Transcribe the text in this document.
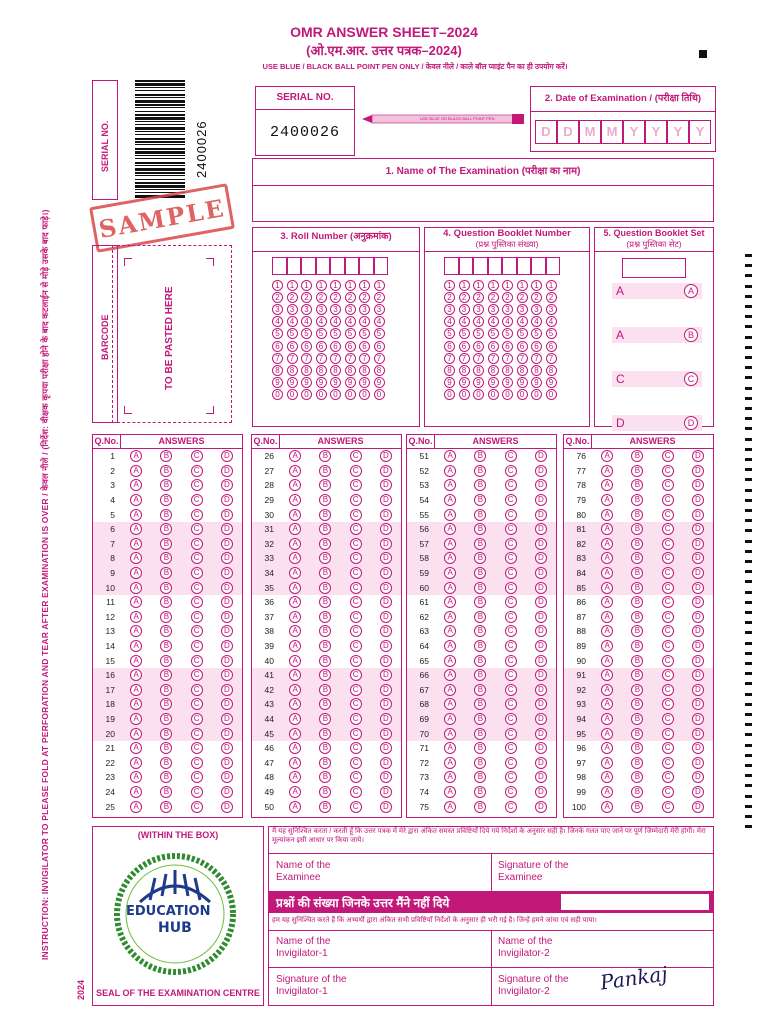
INSTRUCTION: INVIGILATOR TO PLEASE FOLD AT PERFORATION AND TEAR AFTER EXAMINATION IS OVER / केवल नीले / (निर्देश: वीक्षक कृपया परीक्षा होने के बाद कटलाईन से मोड़े उसके बाद फाड़े।)
OMR ANSWER SHEET–2024
(ओ.एम.आर. उत्तर पत्रक–2024)
USE BLUE / BLACK BALL POINT PEN ONLY / केवल नीले / काले बॉल प्वाइंट पैन का ही उपयोग करें।
SERIAL NO.	2400026
SAMPLE
BARCODE	TO BE PASTED HERE
SERIAL NO.
2400026
USE BLUE OR BLACK BALL POINT PEN
2. Date of Examination / (परीक्षा तिथि)
D D M M Y	Y	Y	Y
1. Name of The Examination (परीक्षा का नाम)
3. Roll Number (अनुक्रमांक)
1	1	1	1	1	1	1	1
2	2	2	2	2	2	2	2
3	3	3	3	3	3	3	3
4	4	4	4	4	4	4	4
5	5	5	5	5	5	5	5
6	6	6	6	6	6	6	6
7	7	7	7	7	7	7	7
8	8	8	8	8	8	8	8
9	9	9	9	9	9	9	9
0	0	0	0	0	0	0	0
4. Question Booklet Number
(प्रश्न पुस्तिका संख्या)
1	1	1	1	1	1	1	1
2	2	2	2	2	2	2	2
3	3	3	3	3	3	3	3
4	4	4	4	4	4	4	4
5	5	5	5	5	5	5	5
6	6	6	6	6	6	6	6
7	7	7	7	7	7	7	7
8	8	8	8	8	8	8	8
9	9	9	9	9	9	9	9
0	0	0	0	0	0	0	0
5. Question Booklet Set
(प्रश्न पुस्तिका सेट)
A	A
A	B
C	C
D	D
Q.No.	ANSWERS
1	A	B	C	D
2	A	B	C	D
3	A	B	C	D
4	A	B	C	D
5	A	B	C	D
6	A	B	C	D
7	A	B	C	D
8	A	B	C	D
9	A	B	C	D
10	A	B	C	D
11	A	B	C	D
12	A	B	C	D
13	A	B	C	D
14	A	B	C	D
15	A	B	C	D
16	A	B	C	D
17	A	B	C	D
18	A	B	C	D
19	A	B	C	D
20	A	B	C	D
21	A	B	C	D
22	A	B	C	D
23	A	B	C	D
24	A	B	C	D
25	A	B	C	D
Q.No.	ANSWERS
26	A	B	C	D
27	A	B	C	D
28	A	B	C	D
29	A	B	C	D
30	A	B	C	D
31	A	B	C	D
32	A	B	C	D
33	A	B	C	D
34	A	B	C	D
35	A	B	C	D
36	A	B	C	D
37	A	B	C	D
38	A	B	C	D
39	A	B	C	D
40	A	B	C	D
41	A	B	C	D
42	A	B	C	D
43	A	B	C	D
44	A	B	C	D
45	A	B	C	D
46	A	B	C	D
47	A	B	C	D
48	A	B	C	D
49	A	B	C	D
50	A	B	C	D
Q.No.	ANSWERS
51	A	B	C	D
52	A	B	C	D
53	A	B	C	D
54	A	B	C	D
55	A	B	C	D
56	A	B	C	D
57	A	B	C	D
58	A	B	C	D
59	A	B	C	D
60	A	B	C	D
61	A	B	C	D
62	A	B	C	D
63	A	B	C	D
64	A	B	C	D
65	A	B	C	D
66	A	B	C	D
67	A	B	C	D
68	A	B	C	D
69	A	B	C	D
70	A	B	C	D
71	A	B	C	D
72	A	B	C	D
73	A	B	C	D
74	A	B	C	D
75	A	B	C	D
Q.No.	ANSWERS
76	A	B	C	D
77	A	B	C	D
78	A	B	C	D
79	A	B	C	D
80	A	B	C	D
81	A	B	C	D
82	A	B	C	D
83	A	B	C	D
84	A	B	C	D
85	A	B	C	D
86	A	B	C	D
87	A	B	C	D
88	A	B	C	D
89	A	B	C	D
90	A	B	C	D
91	A	B	C	D
92	A	B	C	D
93	A	B	C	D
94	A	B	C	D
95	A	B	C	D
96	A	B	C	D
97	A	B	C	D
98	A	B	C	D
99	A	B	C	D
100	A	B	C	D
(WITHIN THE BOX)
EDUCATION
HUB
SEAL OF THE EXAMINATION CENTRE
2024
मैं यह सुनिश्चित करता / करती हूँ कि उत्तर पत्रक में मेरे द्वारा अंकित समस्त प्रविष्टियाँ दिये गये निर्देशों के अनुसार सही है। जिनके गलत पाए जाने पर पूर्ण जिम्मेदारी मेरी होगी। मेरा मूल्यांकन इसी आधार पर किया जाये।
Name of the Examinee
Signature of the Examinee
प्रश्नों की संख्या जिनके उत्तर मैंने नहीं दिये
हम यह सुनिश्चित करते हैं कि अभ्यर्थी द्वारा अंकित सभी प्रविष्टियाँ निर्देशों के अनुसार ही भरी गई है। जिन्हें हमने जांचा एवं सही पाया।
Name of the Invigilator-1
Name of the Invigilator-2
Signature of the Invigilator-1
Signature of the Invigilator-2	Pankaj
